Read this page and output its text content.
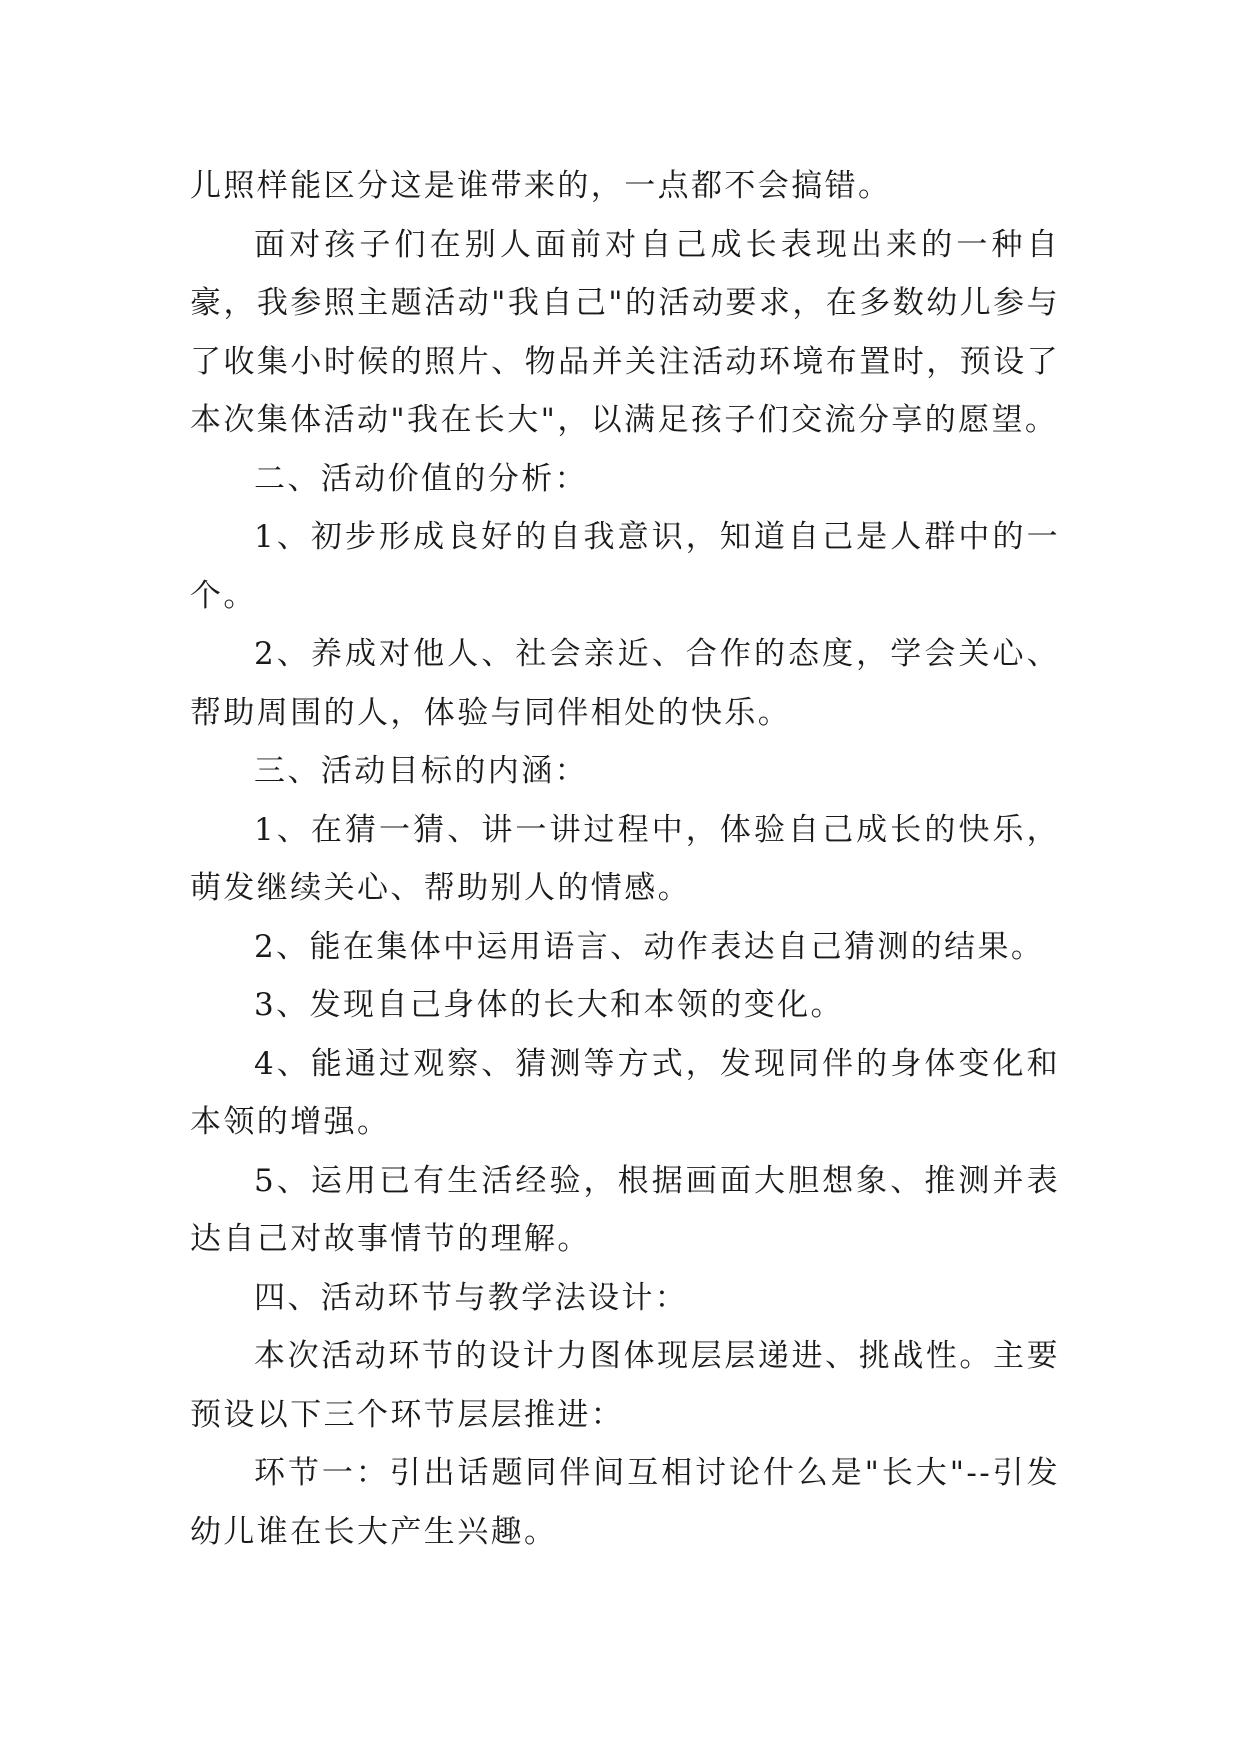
儿照样能区分这是谁带来的，一点都不会搞错。

面对孩子们在别人面前对自己成长表现出来的一种自豪，我参照主题活动"我自己"的活动要求，在多数幼儿参与了收集小时候的照片、物品并关注活动环境布置时，预设了本次集体活动"我在长大"，以满足孩子们交流分享的愿望。

二、活动价值的分析：

1、初步形成良好的自我意识，知道自己是人群中的一个。

2、养成对他人、社会亲近、合作的态度，学会关心、帮助周围的人，体验与同伴相处的快乐。

三、活动目标的内涵：

1、在猜一猜、讲一讲过程中，体验自己成长的快乐，萌发继续关心、帮助别人的情感。

2、能在集体中运用语言、动作表达自己猜测的结果。

3、发现自己身体的长大和本领的变化。

4、能通过观察、猜测等方式，发现同伴的身体变化和本领的增强。

5、运用已有生活经验，根据画面大胆想象、推测并表达自己对故事情节的理解。

四、活动环节与教学法设计：

本次活动环节的设计力图体现层层递进、挑战性。主要预设以下三个环节层层推进：

环节一：引出话题同伴间互相讨论什么是"长大"--引发幼儿谁在长大产生兴趣。
